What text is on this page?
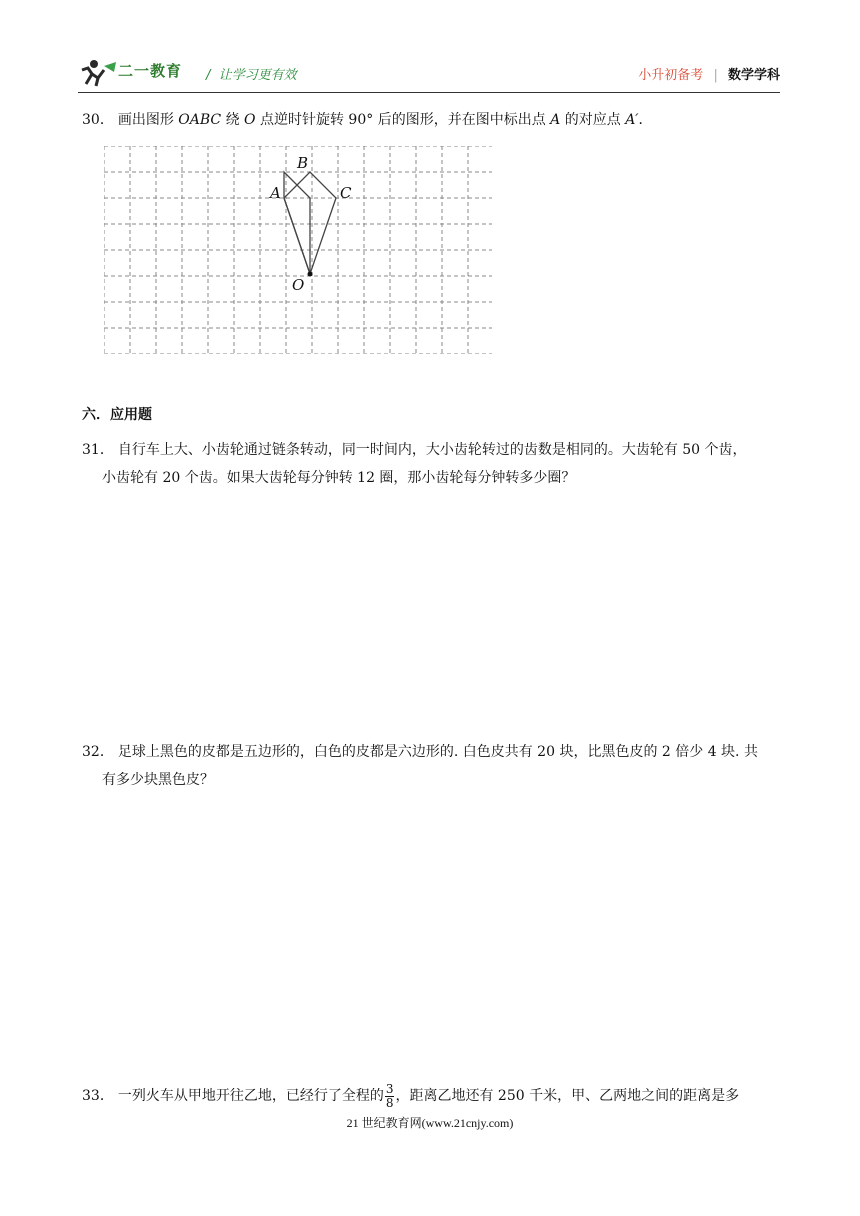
二一教育 /  让学习更有效	小升初备考 | 数学学科
30． 画出图形 OABC 绕 O 点逆时针旋转 90° 后的图形，并在图中标出点 A 的对应点 A′．
B
A	C
O
六．应用题
31． 自行车上大、小齿轮通过链条转动，同一时间内，大小齿轮转过的齿数是相同的。大齿轮有 50 个齿，
小齿轮有 20 个齿。如果大齿轮每分钟转 12 圈，那小齿轮每分钟转多少圈？
32． 足球上黑色的皮都是五边形的，白色的皮都是六边形的. 白色皮共有 20 块，比黑色皮的 2 倍少 4 块. 共
有多少块黑色皮？
33． 一列火车从甲地开往乙地，已经行了全程的 $\frac{3}{8}$ ，距离乙地还有 250 千米，甲、乙两地之间的距离是多
21 世纪教育网(www.21cnjy.com)
